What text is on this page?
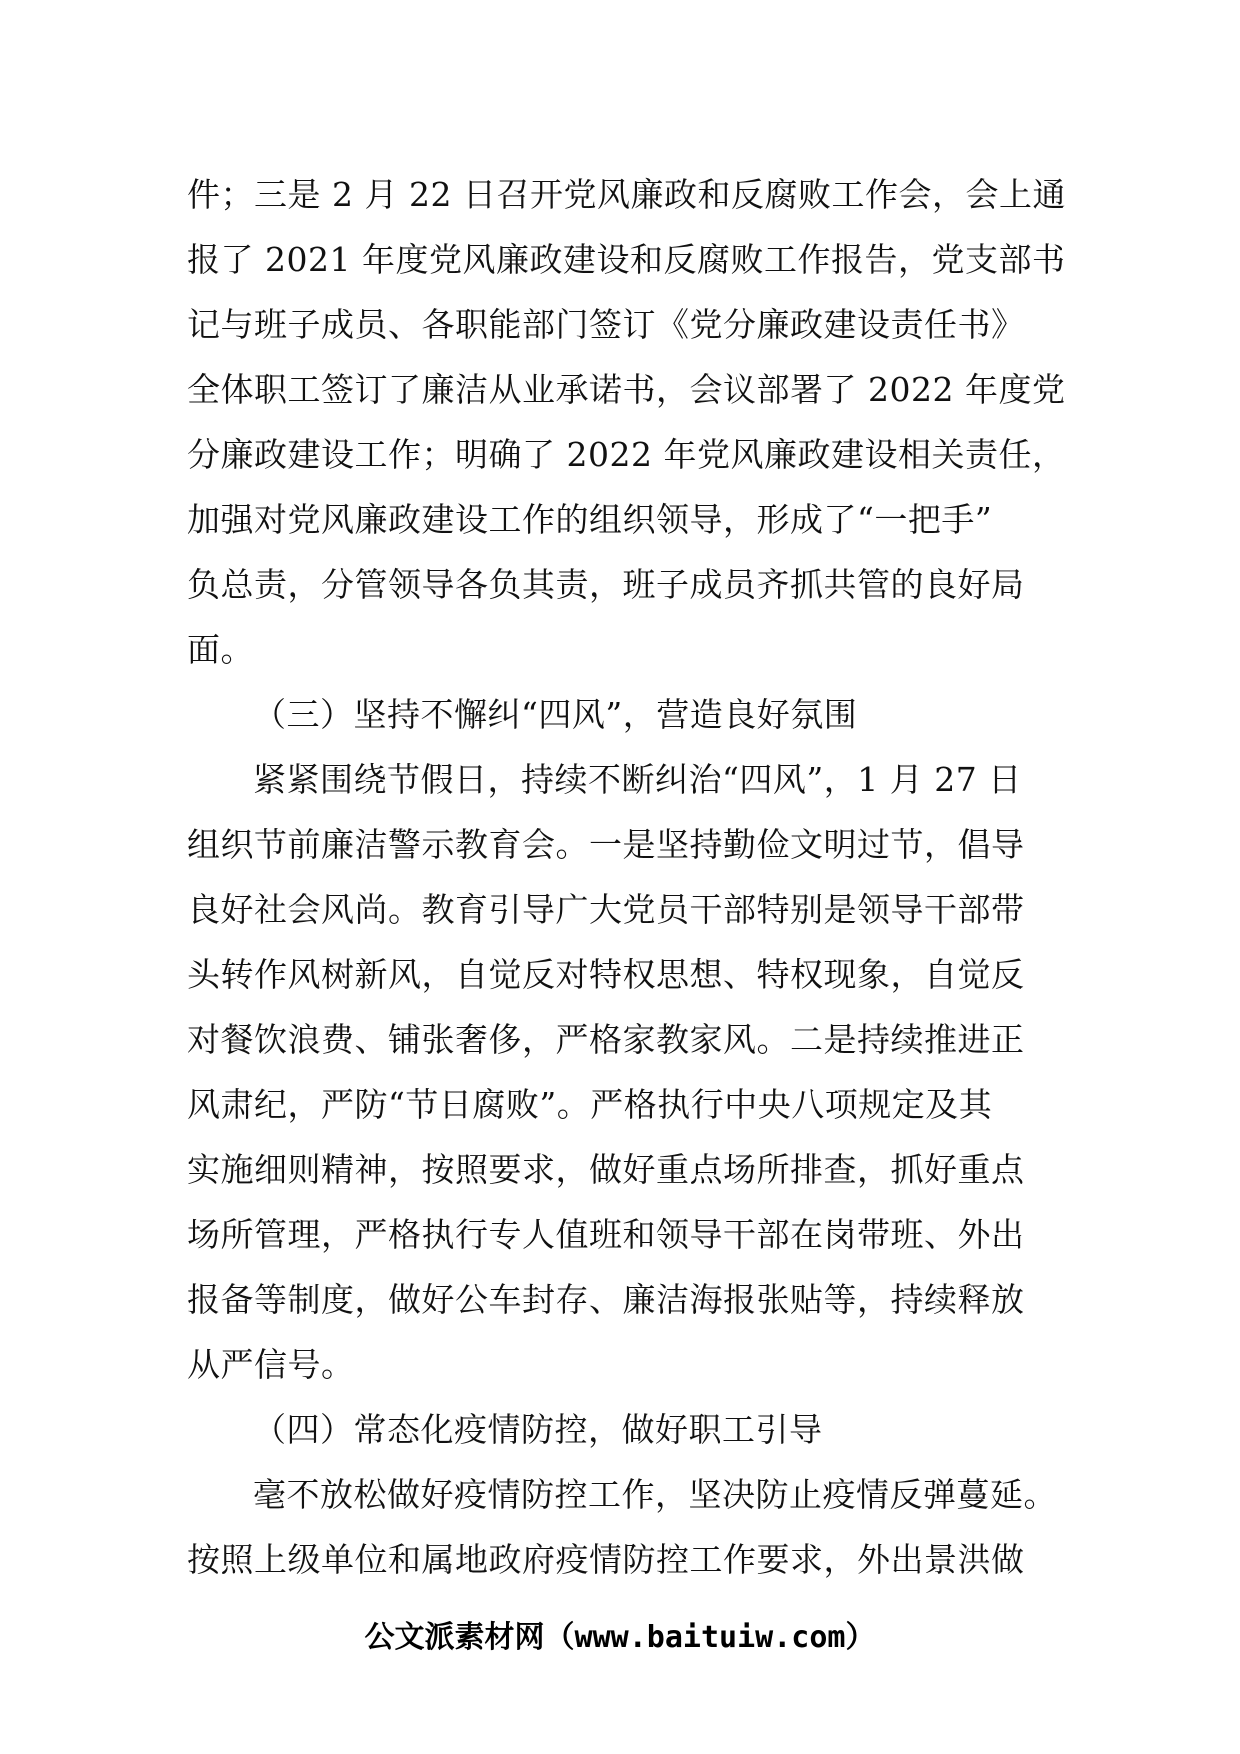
件；三是 2 月 22 日召开党风廉政和反腐败工作会，会上通
报了 2021 年度党风廉政建设和反腐败工作报告，党支部书
记与班子成员、各职能部门签订《党分廉政建设责任书》
全体职工签订了廉洁从业承诺书，会议部署了 2022 年度党
分廉政建设工作；明确了 2022 年党风廉政建设相关责任，
加强对党风廉政建设工作的组织领导，形成了“一把手”
负总责，分管领导各负其责，班子成员齐抓共管的良好局
面。
（三）坚持不懈纠“四风”，营造良好氛围
紧紧围绕节假日，持续不断纠治“四风”，1 月 27 日
组织节前廉洁警示教育会。一是坚持勤俭文明过节，倡导
良好社会风尚。教育引导广大党员干部特别是领导干部带
头转作风树新风，自觉反对特权思想、特权现象，自觉反
对餐饮浪费、铺张奢侈，严格家教家风。二是持续推进正
风肃纪，严防“节日腐败”。严格执行中央八项规定及其
实施细则精神，按照要求，做好重点场所排查，抓好重点
场所管理，严格执行专人值班和领导干部在岗带班、外出
报备等制度，做好公车封存、廉洁海报张贴等，持续释放
从严信号。
（四）常态化疫情防控，做好职工引导
毫不放松做好疫情防控工作，坚决防止疫情反弹蔓延。
按照上级单位和属地政府疫情防控工作要求，外出景洪做
公文派素材网（www.baituiw.com）
